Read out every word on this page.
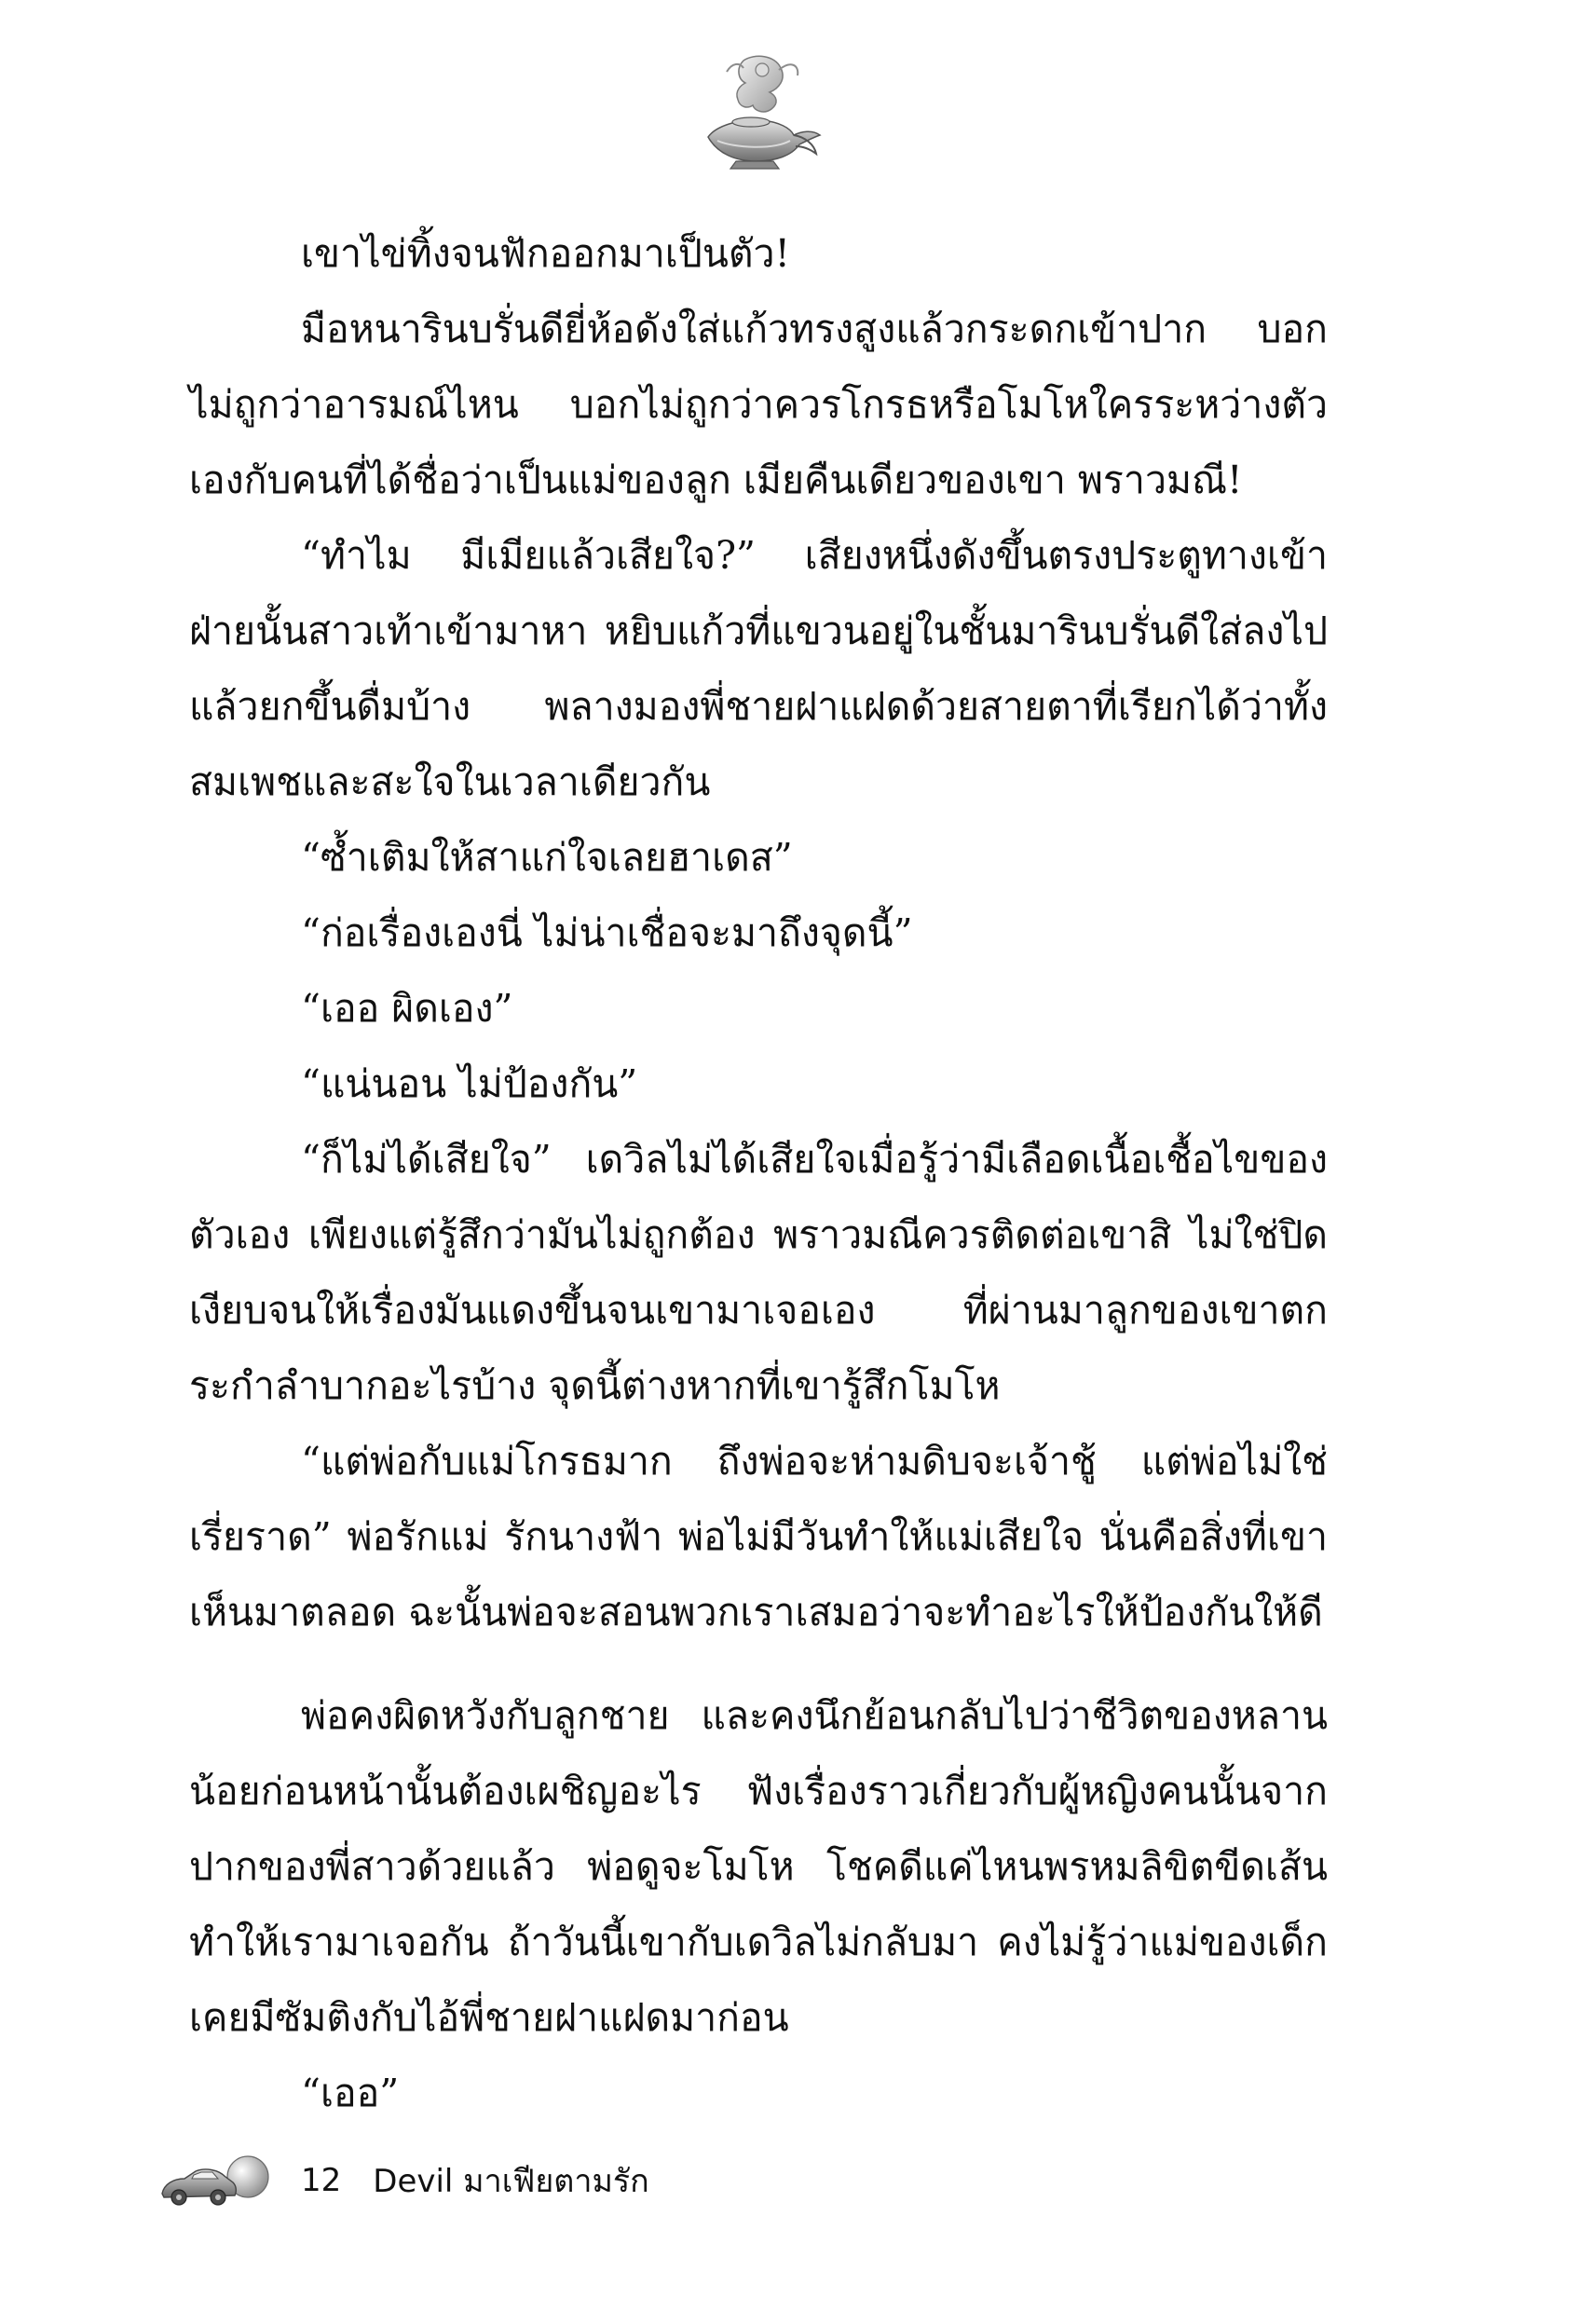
เขาไข่ทิ้งจนฟักออกมาเป็นตัว!

มือหนารินบรั่นดียี่ห้อดังใส่แก้วทรงสูงแล้วกระดกเข้าปาก บอกไม่ถูกว่าอารมณ์ไหน บอกไม่ถูกว่าควรโกรธหรือโมโหใครระหว่างตัวเองกับคนที่ได้ชื่อว่าเป็นแม่ของลูก เมียคืนเดียวของเขา พราวมณี!

“ทำไม มีเมียแล้วเสียใจ?” เสียงหนึ่งดังขึ้นตรงประตูทางเข้า ฝ่ายนั้นสาวเท้าเข้ามาหา หยิบแก้วที่แขวนอยู่ในชั้นมารินบรั่นดีใส่ลงไปแล้วยกขึ้นดื่มบ้าง พลางมองพี่ชายฝาแฝดด้วยสายตาที่เรียกได้ว่าทั้งสมเพชและสะใจในเวลาเดียวกัน

“ซ้ำเติมให้สาแก่ใจเลยฮาเดส”

“ก่อเรื่องเองนี่ ไม่น่าเชื่อจะมาถึงจุดนี้”

“เออ ผิดเอง”

“แน่นอน ไม่ป้องกัน”

“ก็ไม่ได้เสียใจ” เดวิลไม่ได้เสียใจเมื่อรู้ว่ามีเลือดเนื้อเชื้อไขของตัวเอง เพียงแต่รู้สึกว่ามันไม่ถูกต้อง พราวมณีควรติดต่อเขาสิ ไม่ใช่ปิดเงียบจนให้เรื่องมันแดงขึ้นจนเขามาเจอเอง ที่ผ่านมาลูกของเขาตกระกำลำบากอะไรบ้าง จุดนี้ต่างหากที่เขารู้สึกโมโห

“แต่พ่อกับแม่โกรธมาก ถึงพ่อจะห่ามดิบจะเจ้าชู้ แต่พ่อไม่ใช่เรี่ยราด” พ่อรักแม่ รักนางฟ้า พ่อไม่มีวันทำให้แม่เสียใจ นั่นคือสิ่งที่เขาเห็นมาตลอด ฉะนั้นพ่อจะสอนพวกเราเสมอว่าจะทำอะไรให้ป้องกันให้ดี

พ่อคงผิดหวังกับลูกชาย และคงนึกย้อนกลับไปว่าชีวิตของหลานน้อยก่อนหน้านั้นต้องเผชิญอะไร ฟังเรื่องราวเกี่ยวกับผู้หญิงคนนั้นจากปากของพี่สาวด้วยแล้ว พ่อดูจะโมโห โชคดีแค่ไหนพรหมลิขิตขีดเส้นทำให้เรามาเจอกัน ถ้าวันนี้เขากับเดวิลไม่กลับมา คงไม่รู้ว่าแม่ของเด็กเคยมีซัมติงกับไอ้พี่ชายฝาแฝดมาก่อน

“เออ”

12 Devil มาเฟียตามรัก
